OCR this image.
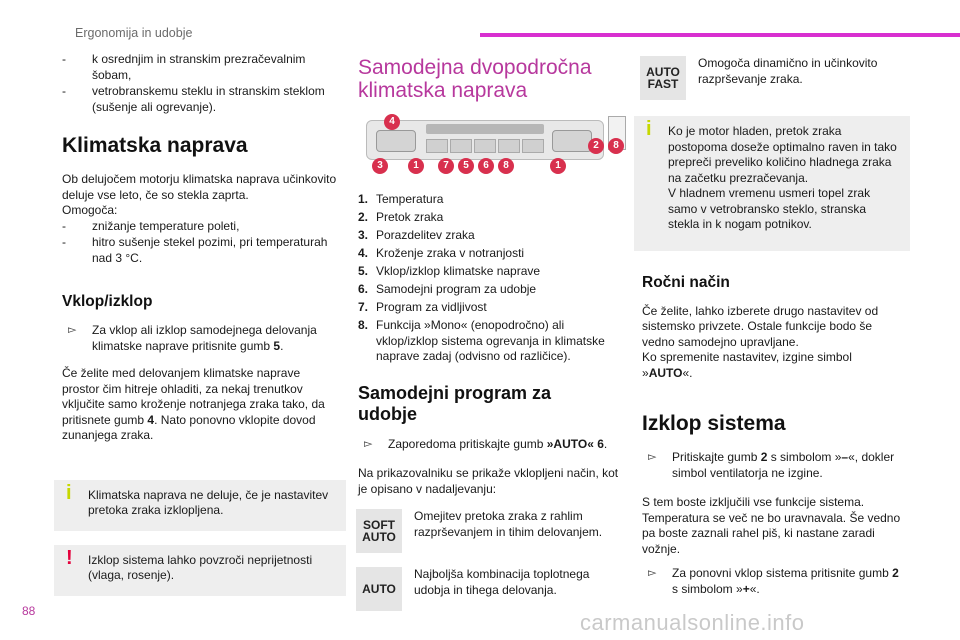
Ergonomija in udobje
- k osrednjim in stranskim prezračevalnim šobam,
- vetrobranskemu steklu in stranskim steklom (sušenje ali ogrevanje).
Klimatska naprava

Ob delujočem motorju klimatska naprava učinkovito deluje vse leto, če so stekla zaprta.

Omogoča:
- znižanje temperature poleti,
- hitro sušenje stekel pozimi, pri temperaturah nad 3 °C.
Vklop/izklop
▻ Za vklop ali izklop samodejnega delovanja klimatske naprave pritisnite gumb 5.

Če želite med delovanjem klimatske naprave prostor čim hitreje ohladiti, za nekaj trenutkov vključite samo kroženje notranjega zraka tako, da pritisnete gumb 4. Nato ponovno vklopite dovod zunanjega zraka.

i Klimatska naprava ne deluje, če je nastavitev pretoka zraka izklopljena.
! Izklop sistema lahko povzroči neprijetnosti (vlaga, rosenje).
Samodejna dvopodročna
klimatska naprava
4
3	1	7	5	6	8	1
2	8
1. Temperatura
2. Pretok zraka
3. Porazdelitev zraka
4. Kroženje zraka v notranjosti
5. Vklop/izklop klimatske naprave
6. Samodejni program za udobje
7. Program za vidljivost
8. Funkcija »Mono« (enopodročno) ali vklop/izklop sistema ogrevanja in klimatske naprave zadaj (odvisno od različice).
Samodejni program za
udobje
▻ Zaporedoma pritiskajte gumb »AUTO« 6.

Na prikazovalniku se prikaže vklopljeni način, kot je opisano v nadaljevanju:

SOFT
AUTO
Omejitev pretoka zraka z rahlim razprševanjem in tihim delovanjem.
AUTO
Najboljša kombinacija toplotnega udobja in tihega delovanja.
AUTO
FAST
Omogoča dinamično in učinkovito razprševanje zraka.
i Ko je motor hladen, pretok zraka postopoma doseže optimalno raven in tako prepreči preveliko količino hladnega zraka na začetku prezračevanja.
V hladnem vremenu usmeri topel zrak samo v vetrobransko steklo, stranska stekla in k nogam potnikov.
Ročni način
Če želite, lahko izberete drugo nastavitev od sistemsko privzete. Ostale funkcije bodo še vedno samodejno upravljane.

Ko spremenite nastavitev, izgine simbol »AUTO«.

Izklop sistema
▻ Pritiskajte gumb 2 s simbolom »–«, dokler simbol ventilatorja ne izgine.

S tem boste izključili vse funkcije sistema. Temperatura se več ne bo uravnavala. Še vedno pa boste zaznali rahel piš, ki nastane zaradi vožnje.

▻ Za ponovni vklop sistema pritisnite gumb 2 s simbolom »+«.
88	carmanualsonline.info
